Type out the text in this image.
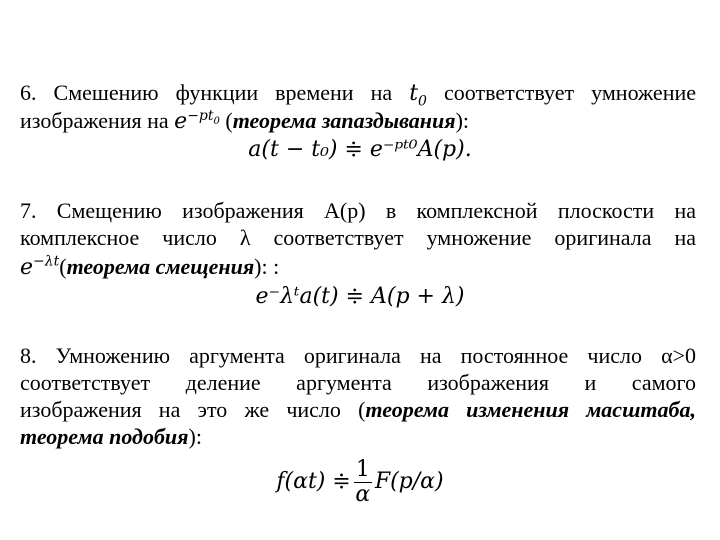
6. Смешению функции времени на $t_0$ соответствует умножение
изображения на $e^{-pt_0}$ (теорема запаздывания):
a(t − t₀) ≑ e⁻ᵖᵗ⁰A(p).
7. Смещению изображения A(p) в комплексной плоскости на
комплексное число λ соответствует умножение оригинала на
$e^{-\lambda t}(теорема$ смещения): :
e⁻λᵗa(t) ≑ A(p + λ)
8. Умножению аргумента оригинала на постоянное число α>0
соответствует деление аргумента изображения и самого
изображения на это же число (теорема изменения масштаба,
теорема подобия):
f(αt) ≑ $\frac{1}{\alpha} F(p/\alpha)$
